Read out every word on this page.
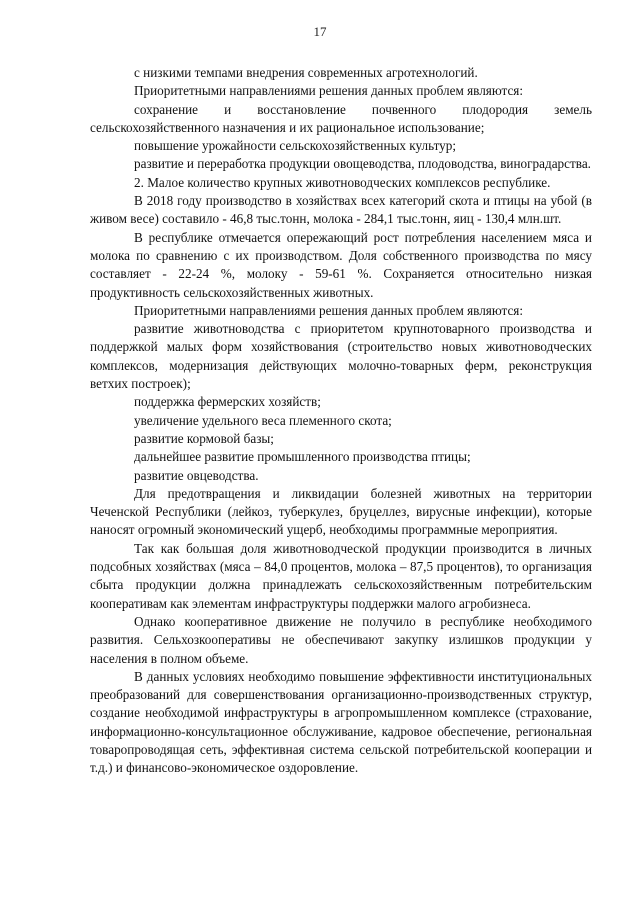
17

с низкими темпами внедрения современных агротехнологий.

Приоритетными направлениями решения данных проблем являются:

сохранение и восстановление почвенного плодородия земель сельскохозяйственного назначения и их рациональное использование;

повышение урожайности сельскохозяйственных культур;

развитие и переработка продукции овощеводства, плодоводства, виноградарства.

2. Малое количество крупных животноводческих комплексов республике.

В 2018 году производство в хозяйствах всех категорий скота и птицы на убой (в живом весе) составило - 46,8 тыс.тонн, молока - 284,1 тыс.тонн, яиц - 130,4 млн.шт.

В республике отмечается опережающий рост потребления населением мяса и молока по сравнению с их производством. Доля собственного производства по мясу составляет - 22-24 %, молоку - 59-61 %. Сохраняется относительно низкая продуктивность сельскохозяйственных животных.

Приоритетными направлениями решения данных проблем являются:

развитие животноводства с приоритетом крупнотоварного производства и поддержкой малых форм хозяйствования (строительство новых животноводческих комплексов, модернизация действующих молочно-товарных ферм, реконструкция ветхих построек);

поддержка фермерских хозяйств;

увеличение удельного веса племенного скота;

развитие кормовой базы;

дальнейшее развитие промышленного производства птицы;

развитие овцеводства.

Для предотвращения и ликвидации болезней животных на территории Чеченской Республики (лейкоз, туберкулез, бруцеллез, вирусные инфекции), которые наносят огромный экономический ущерб, необходимы программные мероприятия.

Так как большая доля животноводческой продукции производится в личных подсобных хозяйствах (мяса – 84,0 процентов, молока – 87,5 процентов), то организация сбыта продукции должна принадлежать сельскохозяйственным потребительским кооперативам как элементам инфраструктуры поддержки малого агробизнеса.

Однако кооперативное движение не получило в республике необходимого развития. Сельхозкооперативы не обеспечивают закупку излишков продукции у населения в полном объеме.

В данных условиях необходимо повышение эффективности институциональных преобразований для совершенствования организационно-производственных структур, создание необходимой инфраструктуры в агропромышленном комплексе (страхование, информационно-консультационное обслуживание, кадровое обеспечение, региональная товаропроводящая сеть, эффективная система сельской потребительской кооперации и т.д.) и финансово-экономическое оздоровление.
